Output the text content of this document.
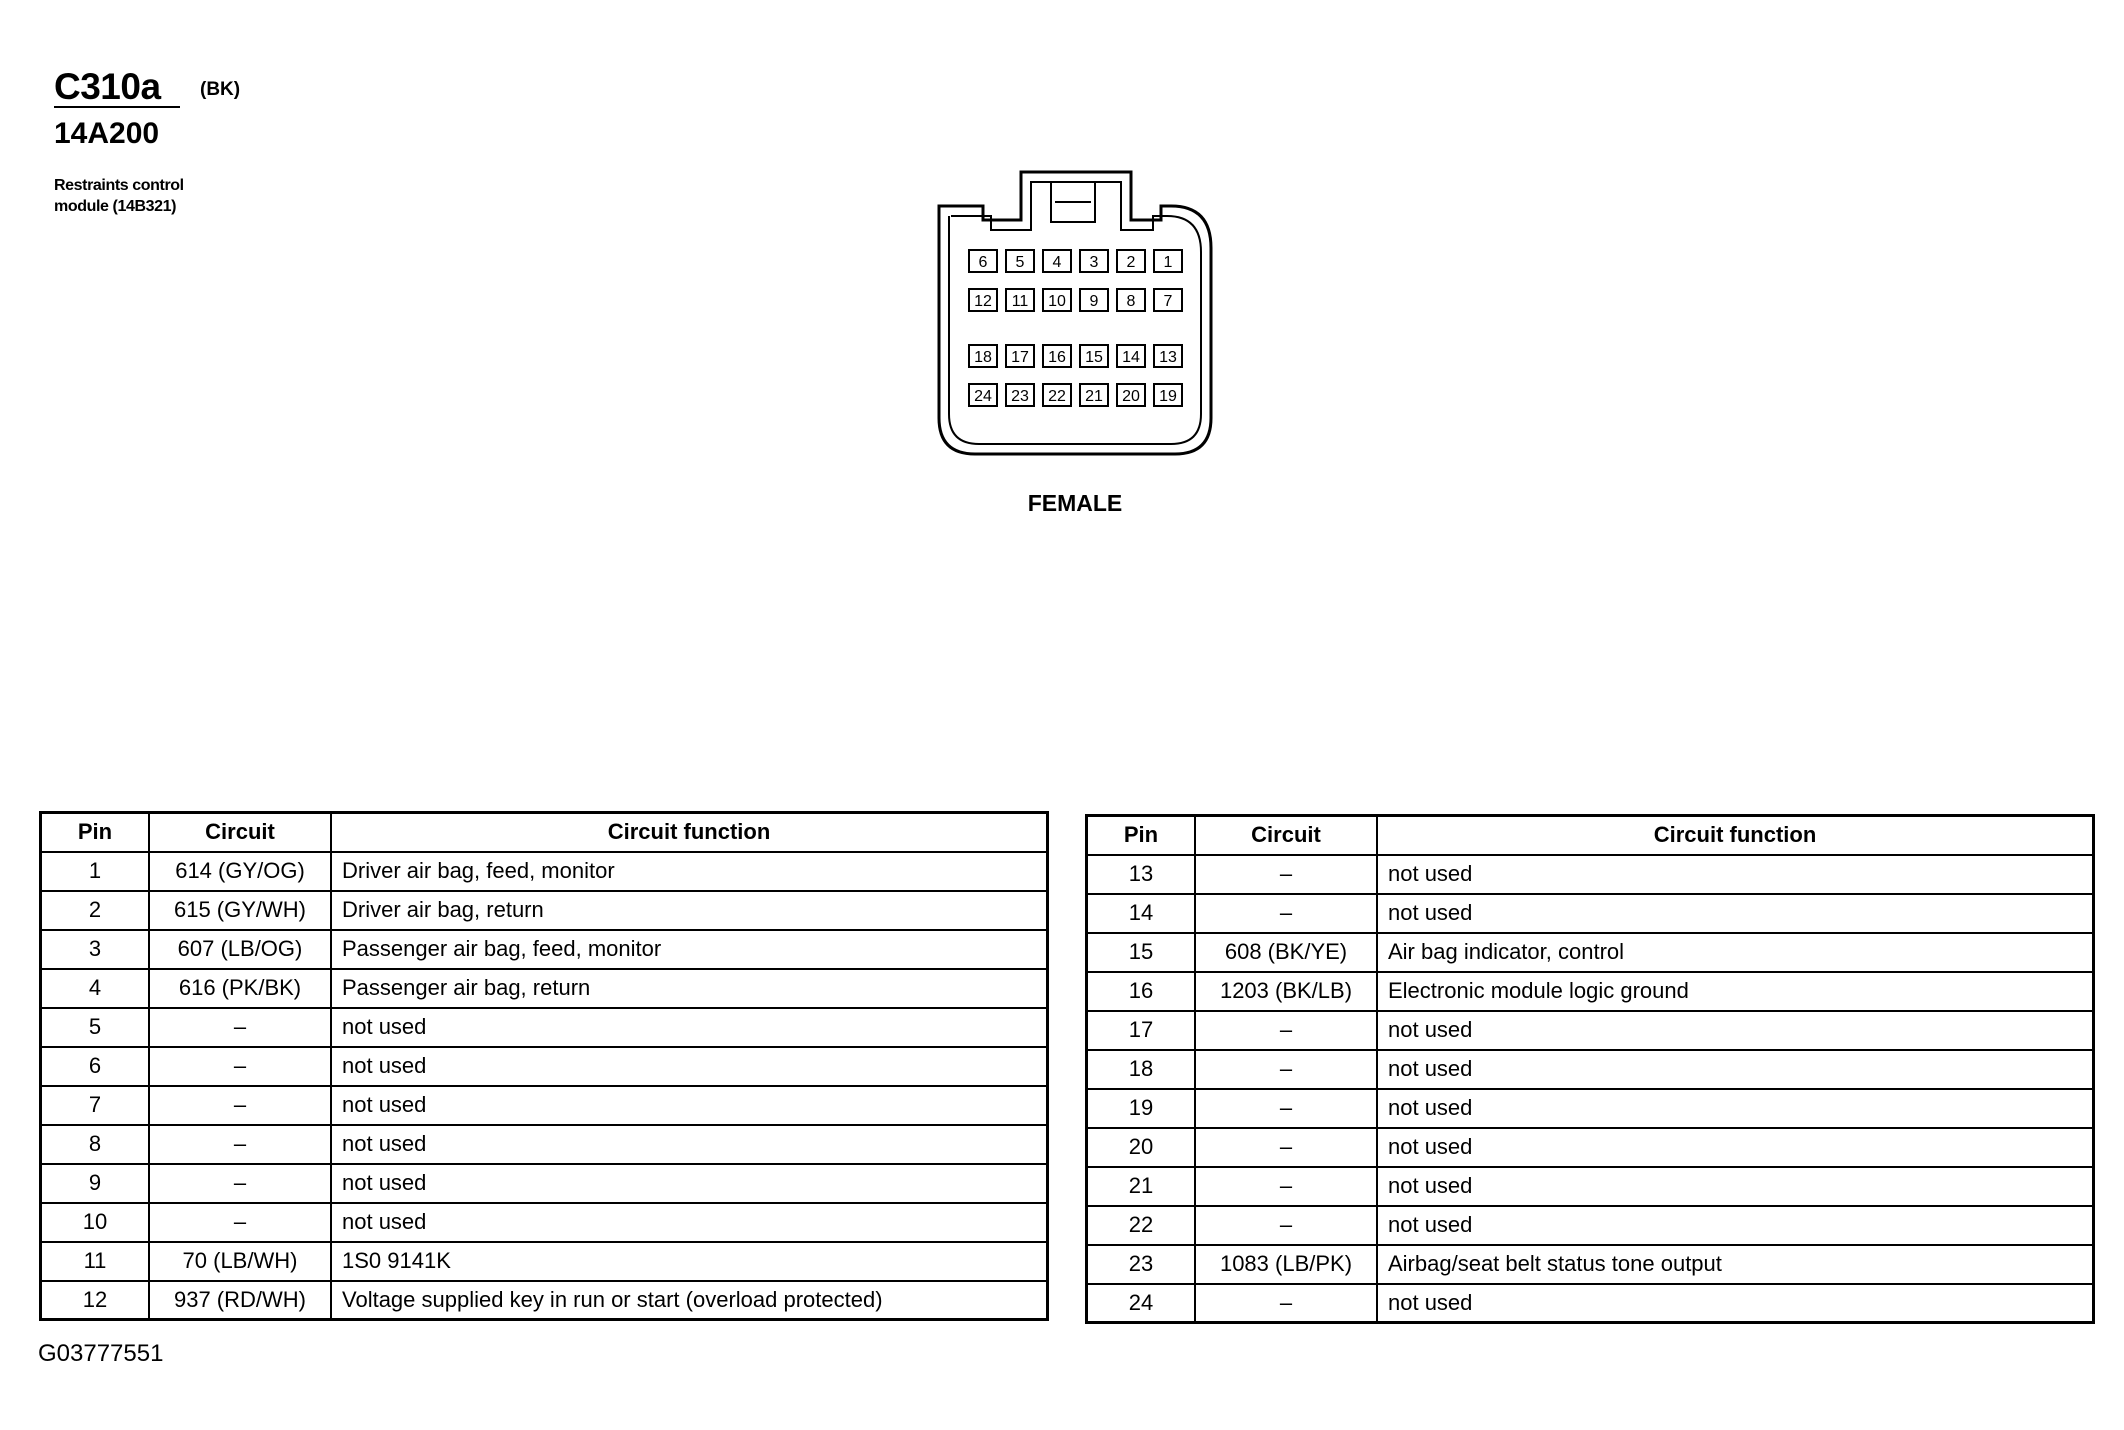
C310a (BK)
14A200
Restraints control module (14B321)
6 5 4 3 2 1
12 11 10 9 8 7
18 17 16 15 14 13
24 23 22 21 20 19
FEMALE
Pin	Circuit	Circuit function
1	614 (GY/OG)	Driver air bag, feed, monitor
2	615 (GY/WH)	Driver air bag, return
3	607 (LB/OG)	Passenger air bag, feed, monitor
4	616 (PK/BK)	Passenger air bag, return
5	–	not used
6	–	not used
7	–	not used
8	–	not used
9	–	not used
10	–	not used
11	70 (LB/WH)	1S0 9141K
12	937 (RD/WH)	Voltage supplied key in run or start (overload protected)
Pin	Circuit	Circuit function
13	–	not used
14	–	not used
15	608 (BK/YE)	Air bag indicator, control
16	1203 (BK/LB)	Electronic module logic ground
17	–	not used
18	–	not used
19	–	not used
20	–	not used
21	–	not used
22	–	not used
23	1083 (LB/PK)	Airbag/seat belt status tone output
24	–	not used
G03777551
